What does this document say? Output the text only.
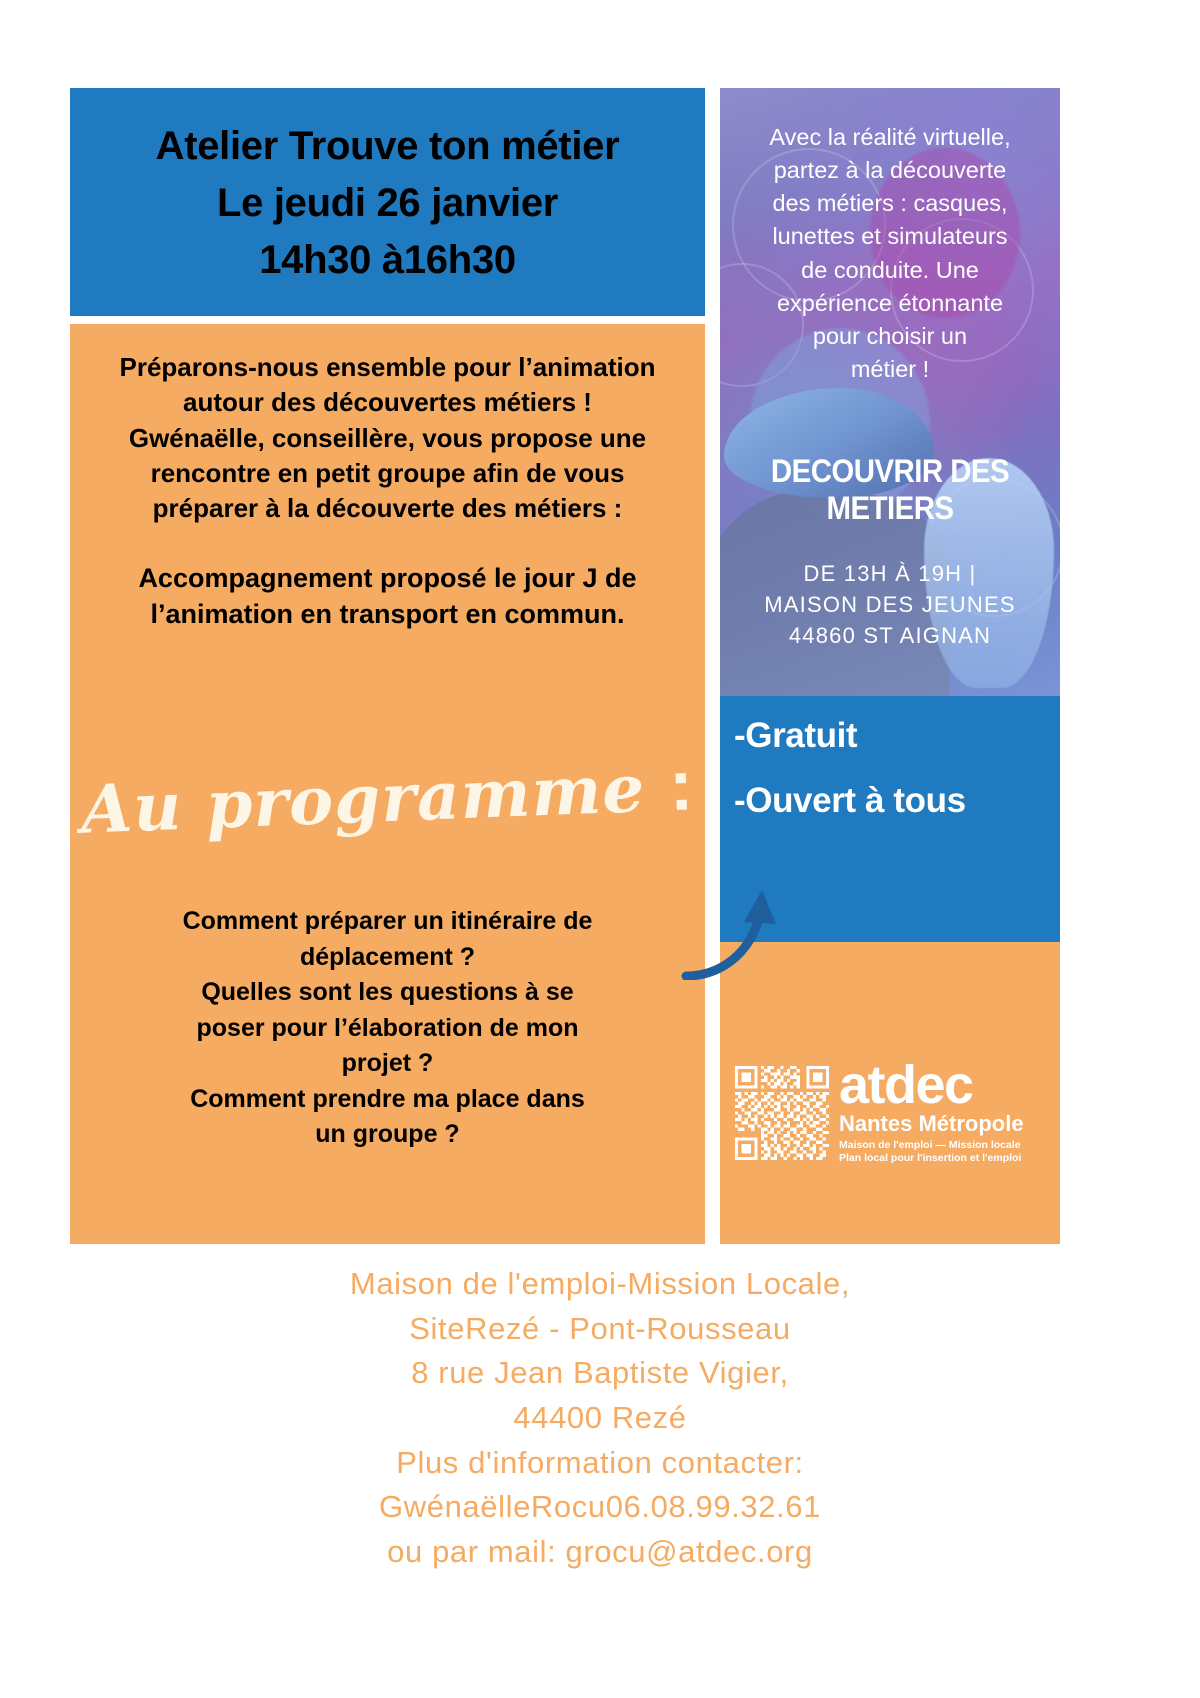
Atelier Trouve ton métier
Le jeudi 26 janvier
14h30 à16h30
Préparons-nous ensemble pour l’animation
autour des découvertes métiers !
Gwénaëlle, conseillère, vous propose une
rencontre en petit groupe afin de vous
préparer à la découverte des métiers :
Accompagnement proposé le jour J de
l’animation en transport en commun.
Au programme :
Comment préparer un itinéraire de
déplacement ?
Quelles sont les questions à se
poser pour l’élaboration de mon
projet ?
Comment prendre ma place dans
un groupe ?
Avec la réalité virtuelle,
partez à la découverte
des métiers : casques,
lunettes et simulateurs
de conduite. Une
expérience étonnante
pour choisir un
métier !
DECOUVRIR DES METIERS
DE 13H À 19H |
MAISON DES JEUNES
44860 ST AIGNAN
-Gratuit
-Ouvert à tous
atdec
Nantes Métropole
Maison de l'emploi — Mission locale
Plan local pour l'insertion et l'emploi
Maison de l'emploi-Mission Locale,
SiteRezé - Pont-Rousseau
8 rue Jean Baptiste Vigier,
44400 Rezé
Plus d'information contacter:
GwénaëlleRocu06.08.99.32.61
ou par mail: grocu@atdec.org
